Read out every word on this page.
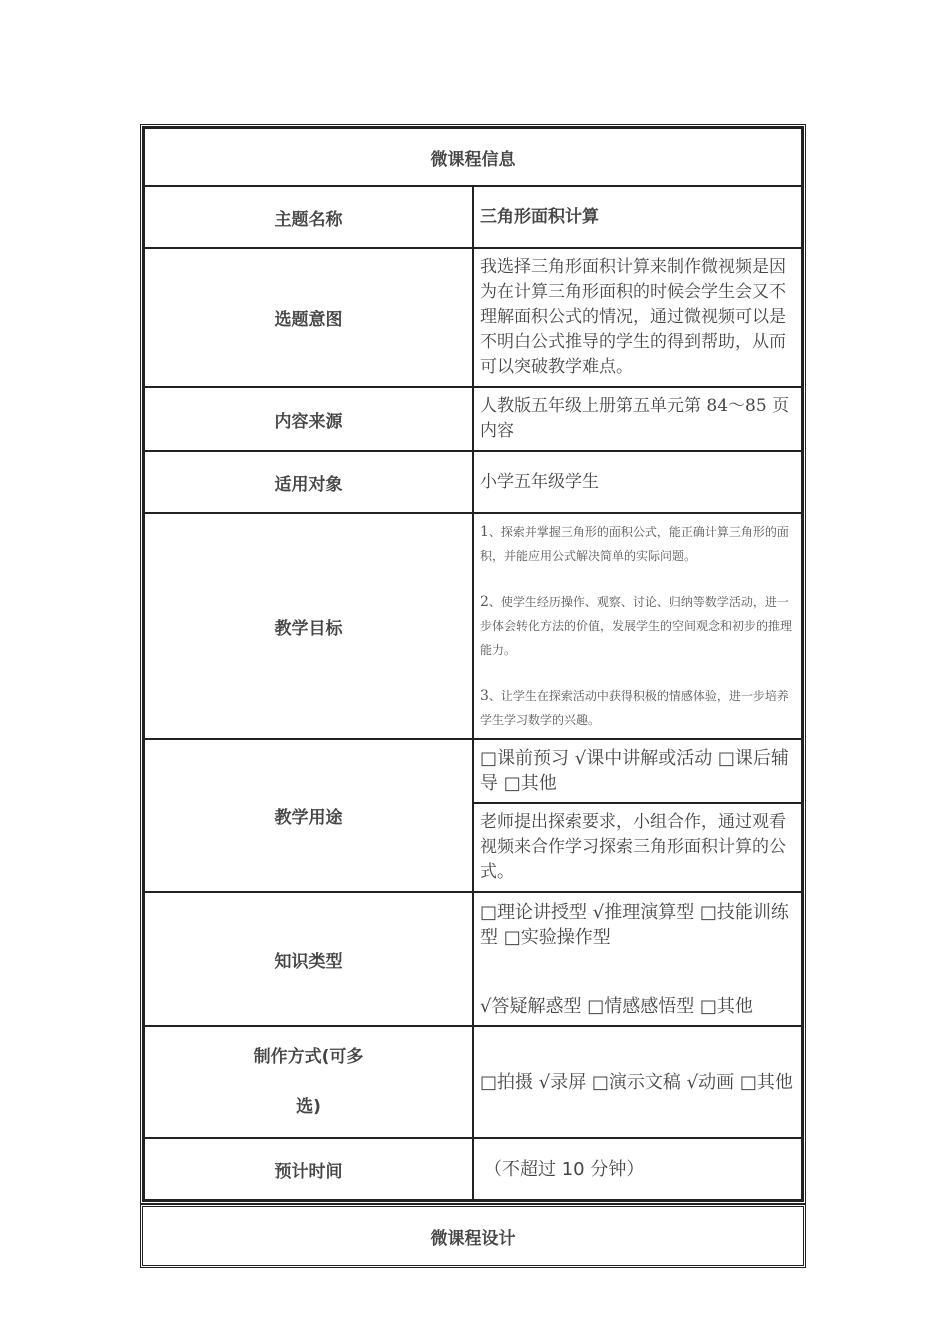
微课程信息	
主题名称	三角形面积计算
选题意图	我选择三角形面积计算来制作微视频是因为在计算三角形面积的时候会学生会又不理解面积公式的情况，通过微视频可以是不明白公式推导的学生的得到帮助，从而可以突破教学难点。
内容来源	人教版五年级上册第五单元第 84～85 页内容
适用对象	小学五年级学生
教学目标	1、探索并掌握三角形的面积公式，能正确计算三角形的面积，并能应用公式解决简单的实际问题。

2、使学生经历操作、观察、讨论、归纳等数学活动，进一步体会转化方法的价值，发展学生的空间观念和初步的推理能力。

3、让学生在探索活动中获得积极的情感体验，进一步培养学生学习数学的兴趣。

教学用途	□课前预习 √课中讲解或活动 □课后辅导 □其他
	老师提出探索要求，小组合作，通过观看视频来合作学习探索三角形面积计算的公式。
知识类型	□理论讲授型 √推理演算型 □技能训练型 □实验操作型
√答疑解惑型 □情感感悟型 □其他

制作方式(可多
选)	□拍摄 √录屏 □演示文稿 √动画 □其他
预计时间	（不超过 10 分钟）
微课程设计
